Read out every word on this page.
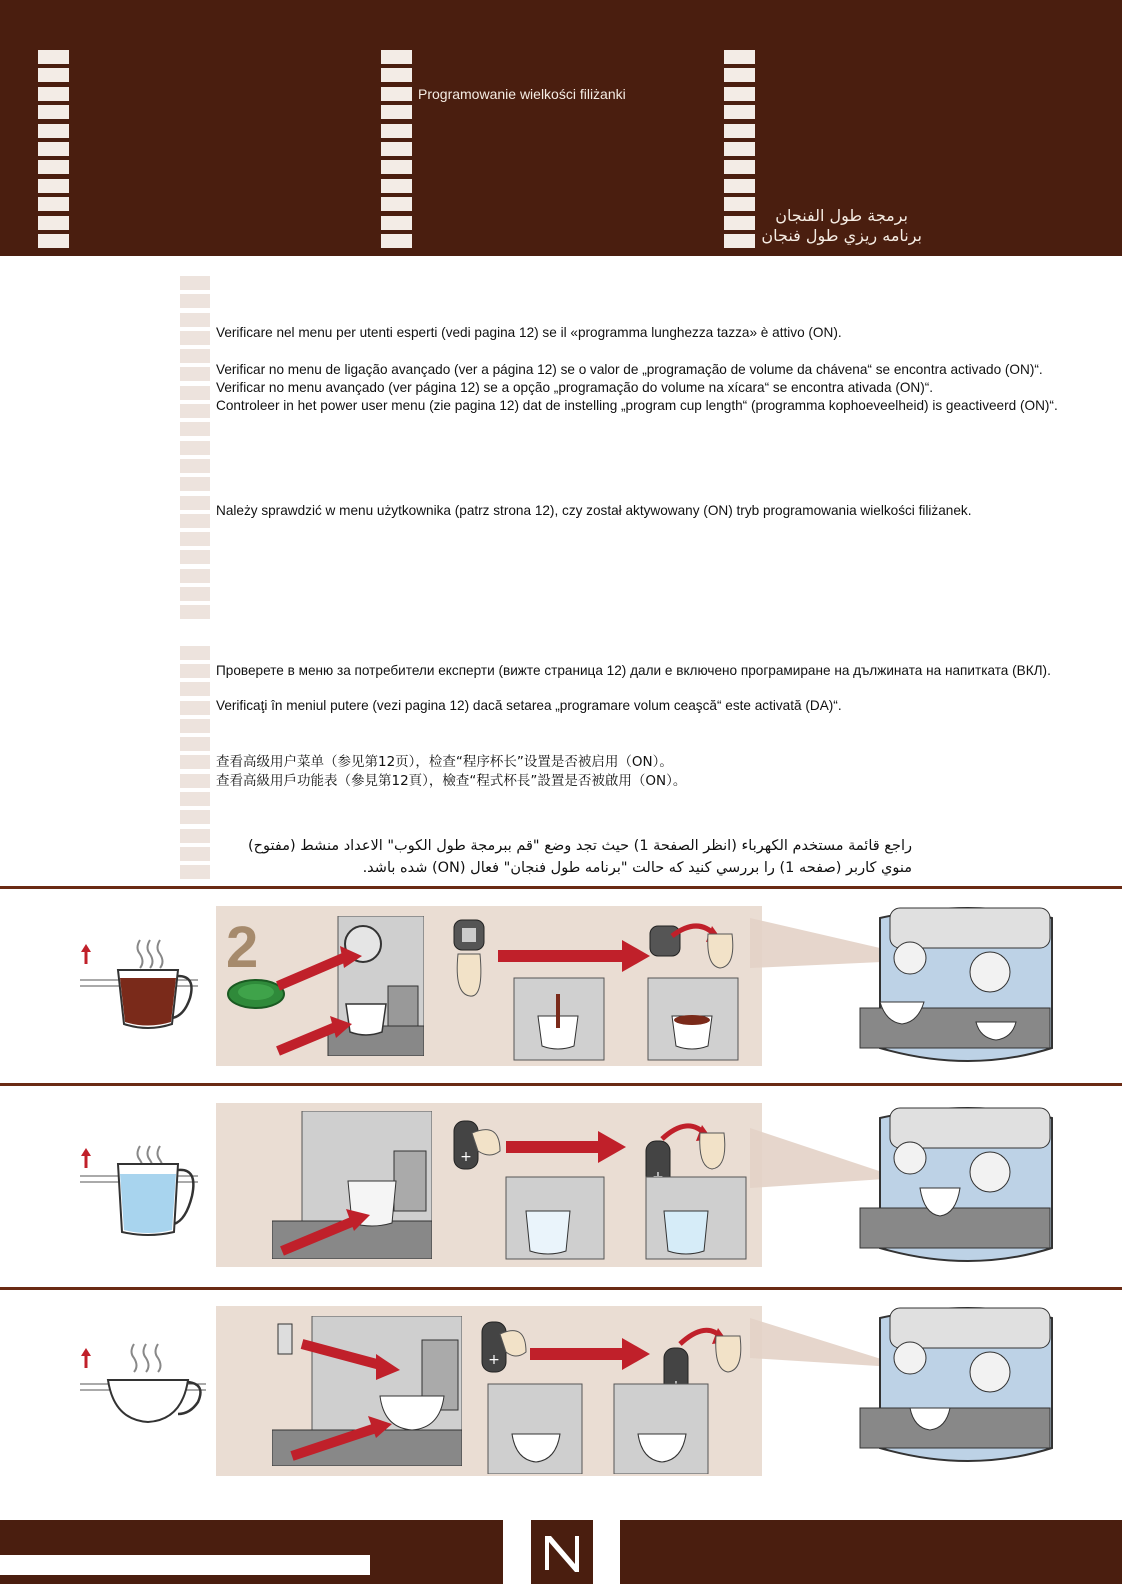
Programowanie wielkości filiżanki
برمجة طول الفنجان
برنامه ريزي طول فنجان
Verificare nel menu per utenti esperti (vedi pagina 12) se il «programma lunghezza tazza» è attivo (ON).
Verificar no menu de ligação avançado (ver a página 12) se o valor de „programação de volume da chávena“ se encontra activado (ON)“.
Verificar no menu avançado (ver página 12) se a opção „programação do volume na xícara“ se encontra ativada (ON)“.
Controleer in het power user menu (zie pagina 12) dat de instelling „program cup length“ (programma kophoeveelheid) is geactiveerd (ON)“.
Należy sprawdzić w menu użytkownika (patrz strona 12), czy został aktywowany (ON) tryb programowania wielkości filiżanek.
Проверете в меню за потребители експерти (вижте страница 12) дали е включено програмиране на дължината на напитката (ВКЛ).
Verificaţi în meniul putere (vezi pagina 12) dacă setarea „programare volum ceaşcă“ este activată (DA)“.
查看高级用户菜单（参见第12页），检查“程序杯长”设置是否被启用（ON）。
查看高級用戶功能表（參見第12頁），檢查“程式杯長”設置是否被啟用（ON）。
راجع قائمة مستخدم الكهرباء (انظر الصفحة 1) حيث تجد وضع "قم ببرمجة طول الكوب" الاعداد منشط (مفتوح)
منوي كاربر (صفحه 1) را بررسي كنيد كه حالت "برنامه طول فنجان" فعال (ON) شده باشد.
2
+
+
